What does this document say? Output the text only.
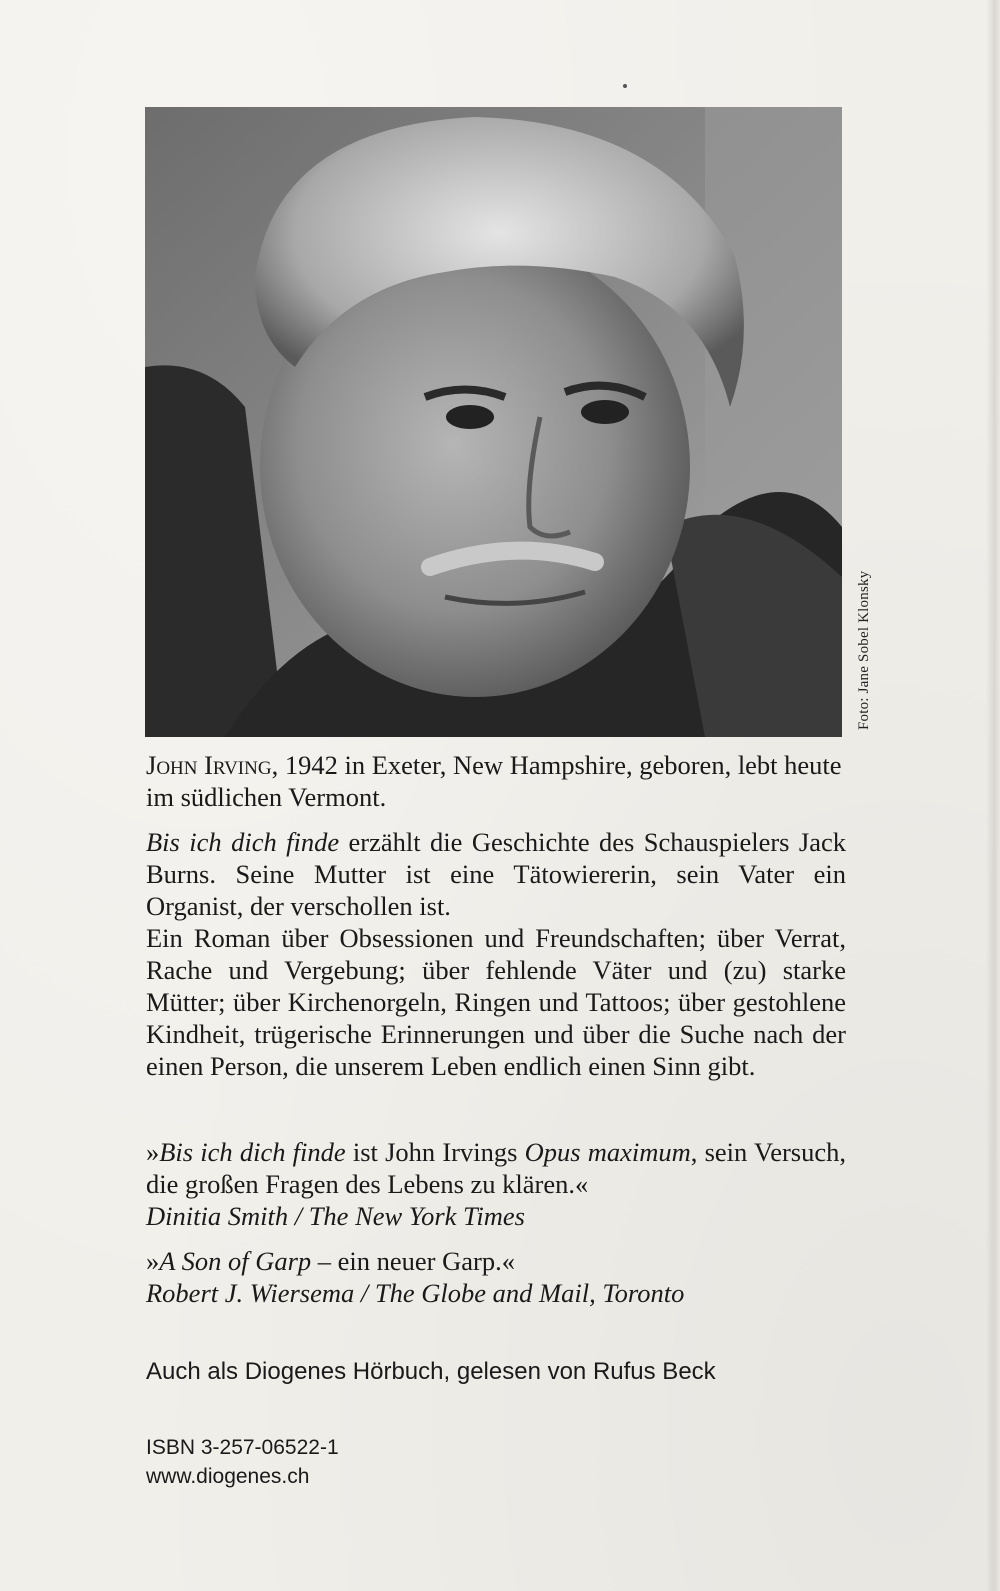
Foto: Jane Sobel Klonsky

John Irving, 1942 in Exeter, New Hampshire, geboren, lebt heute im südlichen Vermont.

Bis ich dich finde erzählt die Geschichte des Schauspielers Jack Burns. Seine Mutter ist eine Tätowiererin, sein Vater ein Organist, der verschollen ist.
Ein Roman über Obsessionen und Freundschaften; über Verrat, Rache und Vergebung; über fehlende Väter und (zu) starke Mütter; über Kirchenorgeln, Ringen und Tattoos; über gestohlene Kindheit, trügerische Erinnerungen und über die Suche nach der einen Person, die unserem Leben endlich einen Sinn gibt.

»Bis ich dich finde ist John Irvings Opus maximum, sein Versuch, die großen Fragen des Lebens zu klären.«
Dinitia Smith / The New York Times

»A Son of Garp – ein neuer Garp.«
Robert J. Wiersema / The Globe and Mail, Toronto

Auch als Diogenes Hörbuch, gelesen von Rufus Beck
ISBN 3-257-06522-1
www.diogenes.ch
